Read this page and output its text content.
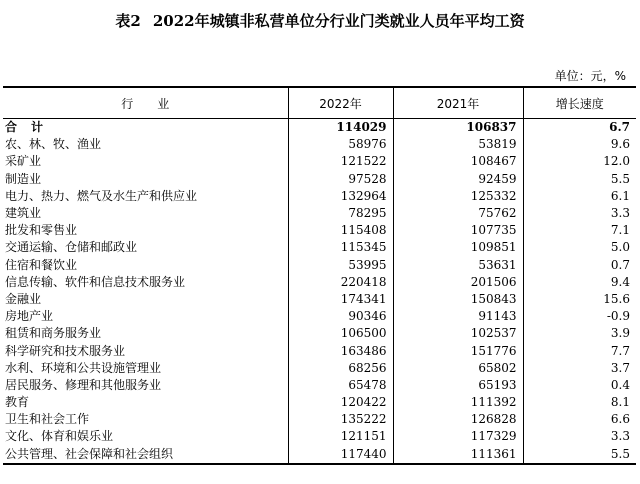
表2 2022年城镇非私营单位分行业门类就业人员年平均工资
单位：元，%
行业	2022年	2021年	增长速度
合计	114029	106837	6.7
农、林、牧、渔业	58976	53819	9.6
采矿业	121522	108467	12.0
制造业	97528	92459	5.5
电力、热力、燃气及水生产和供应业	132964	125332	6.1
建筑业	78295	75762	3.3
批发和零售业	115408	107735	7.1
交通运输、仓储和邮政业	115345	109851	5.0
住宿和餐饮业	53995	53631	0.7
信息传输、软件和信息技术服务业	220418	201506	9.4
金融业	174341	150843	15.6
房地产业	90346	91143	-0.9
租赁和商务服务业	106500	102537	3.9
科学研究和技术服务业	163486	151776	7.7
水利、环境和公共设施管理业	68256	65802	3.7
居民服务、修理和其他服务业	65478	65193	0.4
教育	120422	111392	8.1
卫生和社会工作	135222	126828	6.6
文化、体育和娱乐业	121151	117329	3.3
公共管理、社会保障和社会组织	117440	111361	5.5
